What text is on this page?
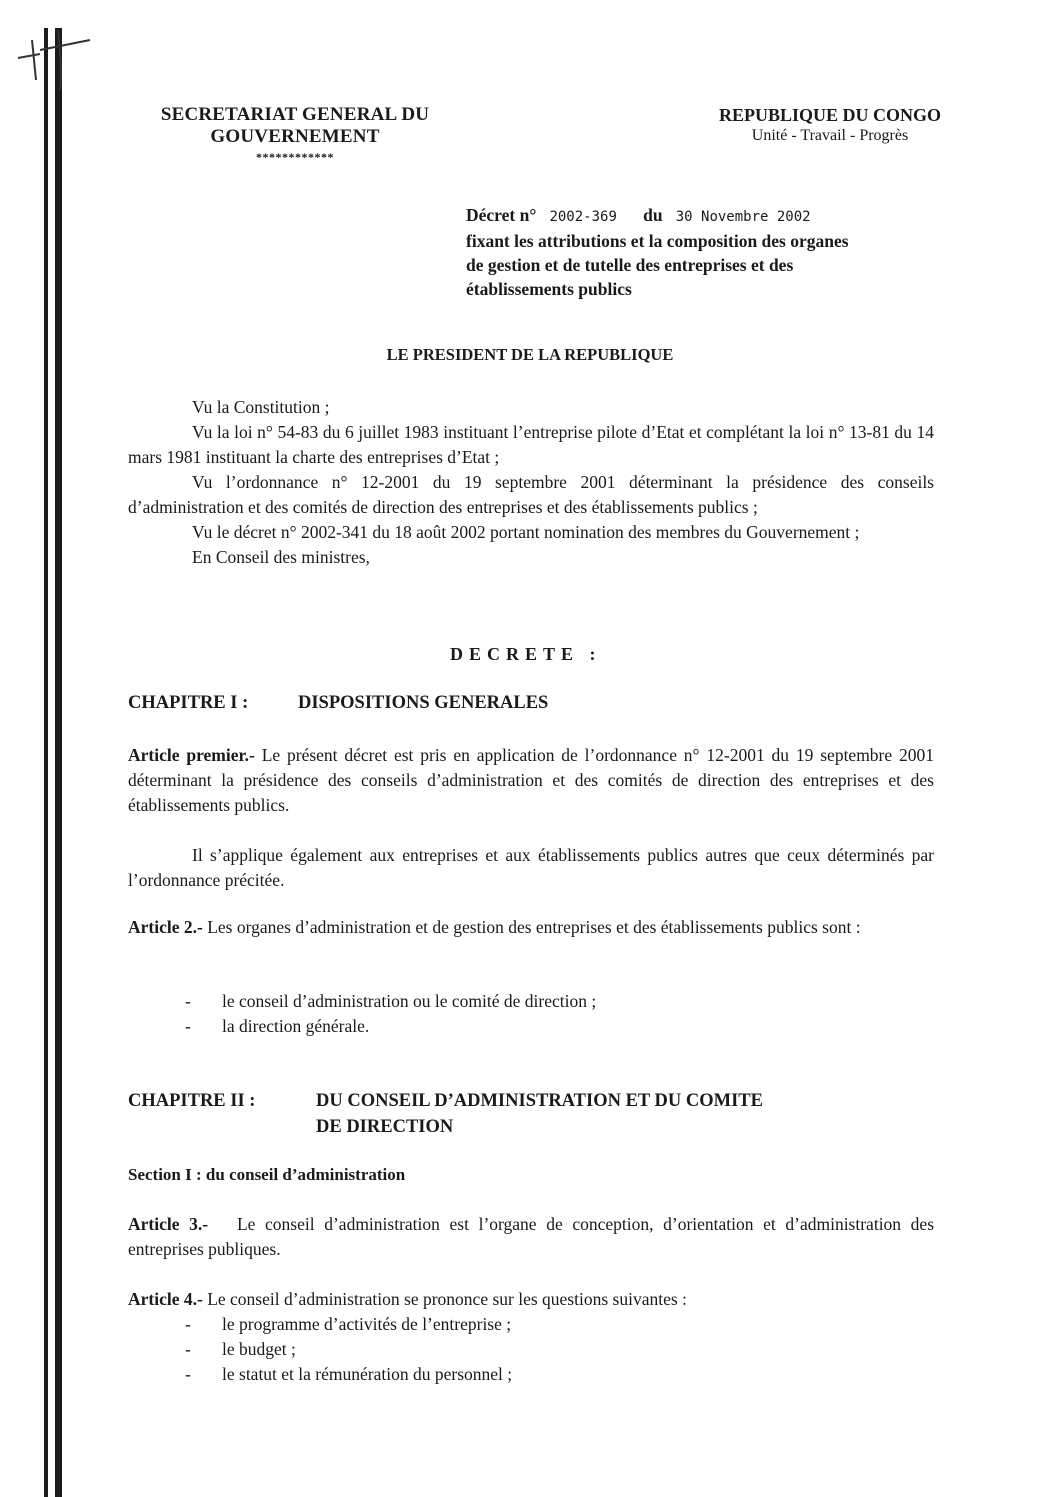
SECRETARIAT GENERAL DU
GOUVERNEMENT
************
REPUBLIQUE DU CONGO
Unité - Travail - Progrès
Décret n° 2002-369 du 30 Novembre 2002
fixant les attributions et la composition des organes
de gestion et de tutelle des entreprises et des
établissements publics
LE PRESIDENT DE LA REPUBLIQUE
Vu la Constitution ;
Vu la loi n° 54-83 du 6 juillet 1983 instituant l’entreprise pilote d’Etat et complétant la loi n° 13-81 du 14 mars 1981 instituant la charte des entreprises d’Etat ;
Vu l’ordonnance n° 12-2001 du 19 septembre 2001 déterminant la présidence des conseils d’administration et des comités de direction des entreprises et des établissements publics ;
Vu le décret n° 2002-341 du 18 août 2002 portant nomination des membres du Gouvernement ;
En Conseil des ministres,
DECRETE :
CHAPITRE I :	DISPOSITIONS GENERALES
Article premier.- Le présent décret est pris en application de l’ordonnance n° 12-2001 du 19 septembre 2001 déterminant la présidence des conseils d’administration et des comités de direction des entreprises et des établissements publics.
Il s’applique également aux entreprises et aux établissements publics autres que ceux déterminés par l’ordonnance précitée.
Article 2.- Les organes d’administration et de gestion des entreprises et des établissements publics sont :
-	le conseil d’administration ou le comité de direction ;
-	la direction générale.
CHAPITRE II :	DU CONSEIL D’ADMINISTRATION ET DU COMITE
DE DIRECTION
Section I : du conseil d’administration
Article 3.- Le conseil d’administration est l’organe de conception, d’orientation et d’administration des entreprises publiques.
Article 4.- Le conseil d’administration se prononce sur les questions suivantes :
-	le programme d’activités de l’entreprise ;
-	le budget ;
-	le statut et la rémunération du personnel ;
